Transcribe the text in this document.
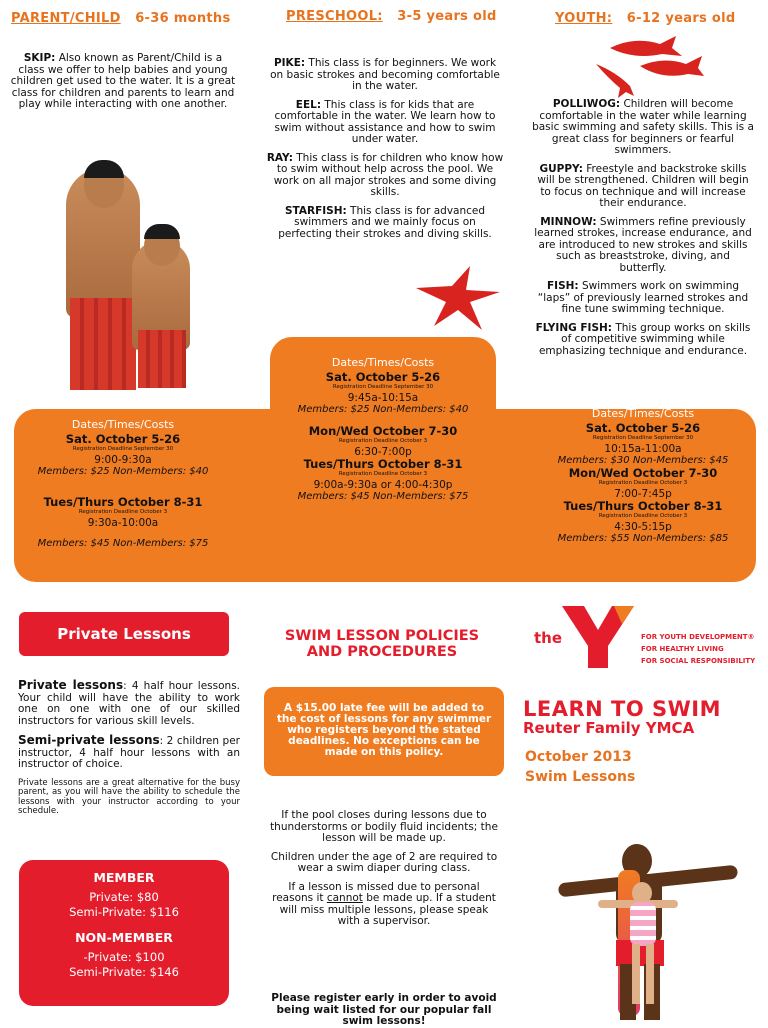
PARENT/CHILD 6-36 months	PRESCHOOL: 3-5 years old	YOUTH: 6-12 years old

SKIP: Also known as Parent/Child is a class we offer to help babies and young children get used to the water. It is a great class for children and parents to learn and play while interacting with one another.

PIKE: This class is for beginners. We work on basic strokes and becoming comfortable in the water.

EEL: This class is for kids that are comfortable in the water. We learn how to swim without assistance and how to swim under water.

RAY: This class is for children who know how to swim without help across the pool. We work on all major strokes and some diving skills.

STARFISH: This class is for advanced swimmers and we mainly focus on perfecting their strokes and diving skills.

POLLIWOG: Children will become comfortable in the water while learning basic swimming and safety skills. This is a great class for beginners or fearful swimmers.

GUPPY: Freestyle and backstroke skills will be strengthened. Children will begin to focus on technique and will increase their endurance.

MINNOW: Swimmers refine previously learned strokes, increase endurance, and are introduced to new strokes and skills such as breaststroke, diving, and butterfly.

FISH: Swimmers work on swimming “laps” of previously learned strokes and fine tune swimming technique.

FLYING FISH: This group works on skills of competitive swimming while emphasizing technique and endurance.

Dates/Times/Costs
Sat. October 5-26
Registration Deadline September 30
9:00-9:30a
Members: $25 Non-Members: $40
Tues/Thurs October 8-31
Registration Deadline October 3
9:30a-10:00a
Members: $45 Non-Members: $75
Dates/Times/Costs
Sat. October 5-26
Registration Deadline September 30
9:45a-10:15a
Members: $25 Non-Members: $40
Mon/Wed October 7-30
Registration Deadline October 3
6:30-7:00p
Tues/Thurs October 8-31
Registration Deadline October 3
9:00a-9:30a or 4:00-4:30p
Members: $45 Non-Members: $75
Dates/Times/Costs
Sat. October 5-26
Registration Deadline September 30
10:15a-11:00a
Members: $30 Non-Members: $45
Mon/Wed October 7-30
Registration Deadline October 3
7:00-7:45p
Tues/Thurs October 8-31
Registration Deadline October 3
4:30-5:15p
Members: $55 Non-Members: $85
Private Lessons

Private lessons: 4 half hour lessons. Your child will have the ability to work one on one with one of our skilled instructors for various skill levels.

Semi-private lessons: 2 children per instructor, 4 half hour lessons with an instructor of choice.

Private lessons are a great alternative for the busy parent, as you will have the ability to schedule the lessons with your instructor according to your schedule.

MEMBER
Private: $80
Semi-Private: $116
NON-MEMBER
-Private: $100
Semi-Private: $146
SWIM LESSON POLICIES
AND PROCEDURES
A $15.00 late fee will be added to the cost of lessons for any swimmer who registers beyond the stated deadlines. No exceptions can be made on this policy.

If the pool closes during lessons due to thunderstorms or bodily fluid incidents; the lesson will be made up.

Children under the age of 2 are required to wear a swim diaper during class.

If a lesson is missed due to personal reasons it cannot be made up. If a student will miss multiple lessons, please speak with a supervisor.

Please register early in order to avoid being wait listed for our popular fall swim lessons!
the	FOR YOUTH DEVELOPMENT®
FOR HEALTHY LIVING
FOR SOCIAL RESPONSIBILITY
LEARN TO SWIM
Reuter Family YMCA
October 2013
Swim Lessons
